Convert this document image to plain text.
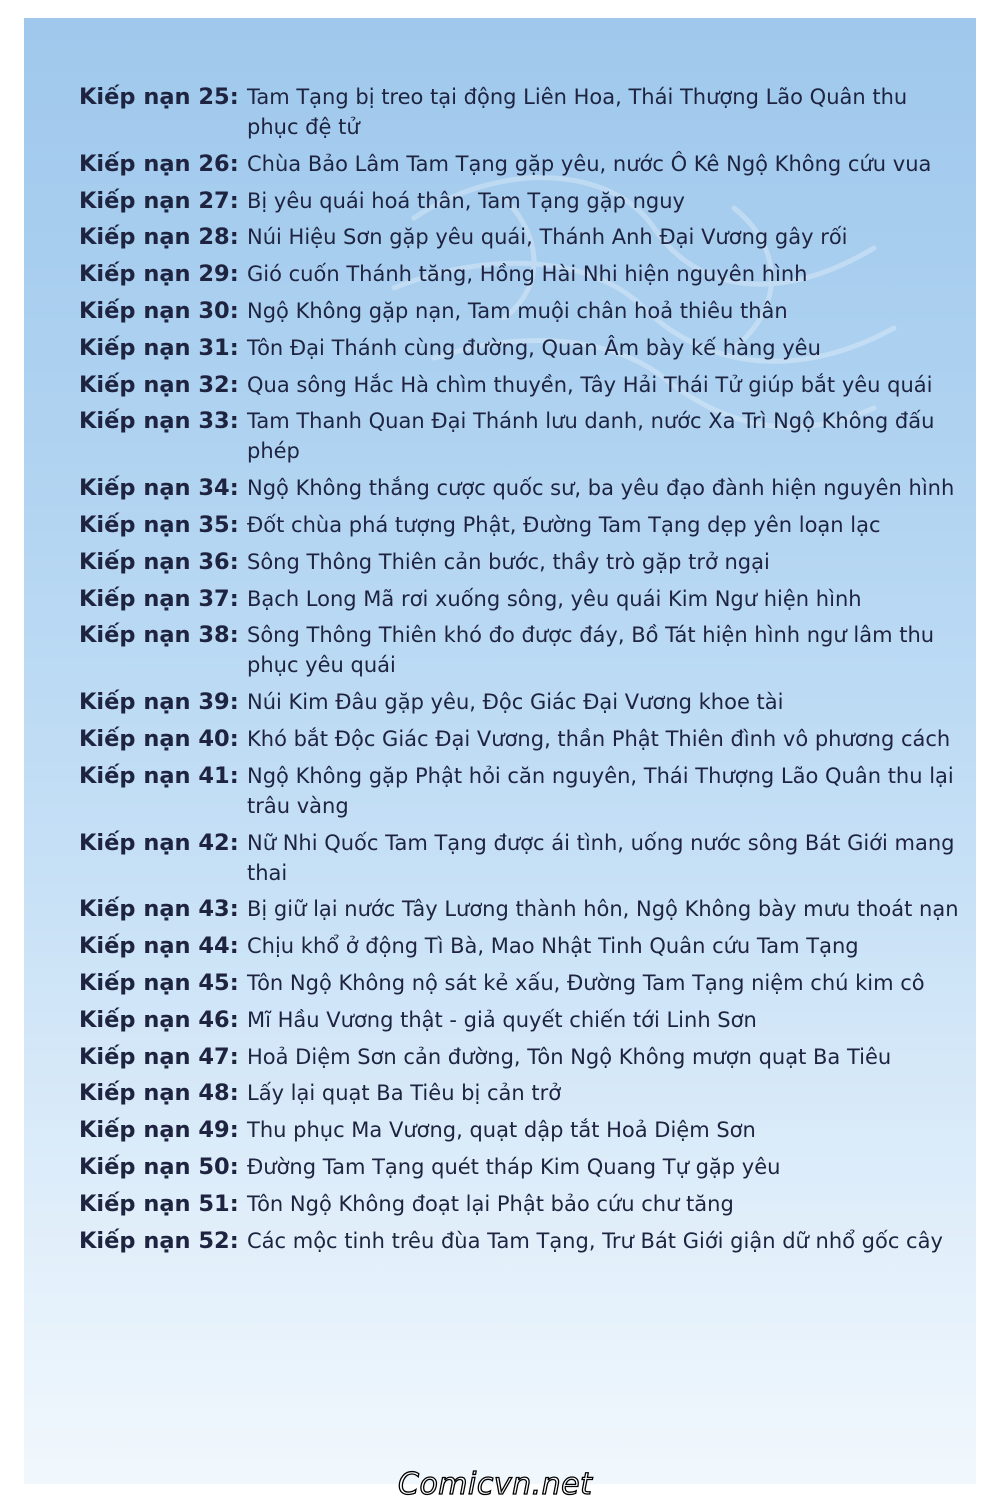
Kiếp nạn 25: Tam Tạng bị treo tại động Liên Hoa, Thái Thượng Lão Quân thu phục đệ tử
Kiếp nạn 26: Chùa Bảo Lâm Tam Tạng gặp yêu, nước Ô Kê Ngộ Không cứu vua
Kiếp nạn 27: Bị yêu quái hoá thân, Tam Tạng gặp nguy
Kiếp nạn 28: Núi Hiệu Sơn gặp yêu quái, Thánh Anh Đại Vương gây rối
Kiếp nạn 29: Gió cuốn Thánh tăng, Hồng Hài Nhi hiện nguyên hình
Kiếp nạn 30: Ngộ Không gặp nạn, Tam muội chân hoả thiêu thân
Kiếp nạn 31: Tôn Đại Thánh cùng đường, Quan Âm bày kế hàng yêu
Kiếp nạn 32: Qua sông Hắc Hà chìm thuyền, Tây Hải Thái Tử giúp bắt yêu quái
Kiếp nạn 33: Tam Thanh Quan Đại Thánh lưu danh, nước Xa Trì Ngộ Không đấu phép
Kiếp nạn 34: Ngộ Không thắng cược quốc sư, ba yêu đạo đành hiện nguyên hình
Kiếp nạn 35: Đốt chùa phá tượng Phật, Đường Tam Tạng dẹp yên loạn lạc
Kiếp nạn 36: Sông Thông Thiên cản bước, thầy trò gặp trở ngại
Kiếp nạn 37: Bạch Long Mã rơi xuống sông, yêu quái Kim Ngư hiện hình
Kiếp nạn 38: Sông Thông Thiên khó đo được đáy, Bồ Tát hiện hình ngư lâm thu phục yêu quái
Kiếp nạn 39: Núi Kim Đâu gặp yêu, Độc Giác Đại Vương khoe tài
Kiếp nạn 40: Khó bắt Độc Giác Đại Vương, thần Phật Thiên đình vô phương cách
Kiếp nạn 41: Ngộ Không gặp Phật hỏi căn nguyên, Thái Thượng Lão Quân thu lại trâu vàng
Kiếp nạn 42: Nữ Nhi Quốc Tam Tạng được ái tình, uống nước sông Bát Giới mang thai
Kiếp nạn 43: Bị giữ lại nước Tây Lương thành hôn, Ngộ Không bày mưu thoát nạn
Kiếp nạn 44: Chịu khổ ở động Tì Bà, Mao Nhật Tinh Quân cứu Tam Tạng
Kiếp nạn 45: Tôn Ngộ Không nộ sát kẻ xấu, Đường Tam Tạng niệm chú kim cô
Kiếp nạn 46: Mĩ Hầu Vương thật - giả quyết chiến tới Linh Sơn
Kiếp nạn 47: Hoả Diệm Sơn cản đường, Tôn Ngộ Không mượn quạt Ba Tiêu
Kiếp nạn 48: Lấy lại quạt Ba Tiêu bị cản trở
Kiếp nạn 49: Thu phục Ma Vương, quạt dập tắt Hoả Diệm Sơn
Kiếp nạn 50: Đường Tam Tạng quét tháp Kim Quang Tự gặp yêu
Kiếp nạn 51: Tôn Ngộ Không đoạt lại Phật bảo cứu chư tăng
Kiếp nạn 52: Các mộc tinh trêu đùa Tam Tạng, Trư Bát Giới giận dữ nhổ gốc cây
Comicvn.net
